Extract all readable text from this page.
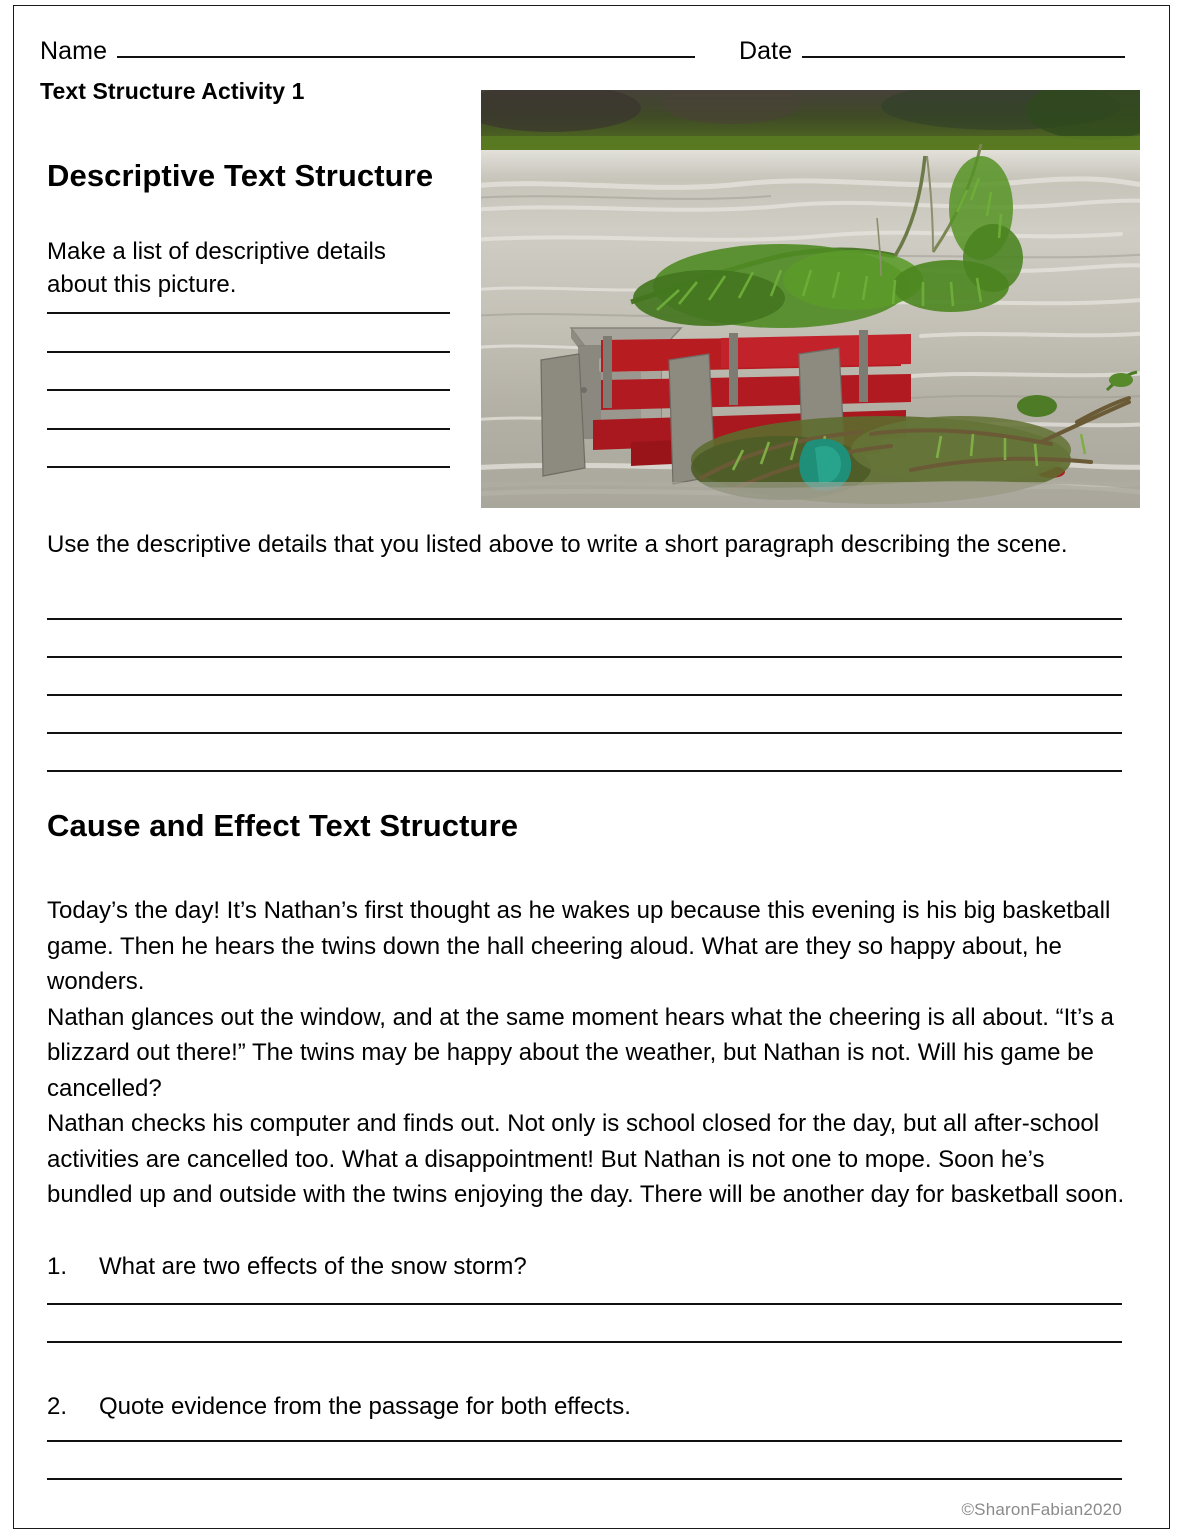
Name	Date
Text Structure Activity 1
Descriptive Text Structure
Make a list of descriptive details about this picture.
Use the descriptive details that you listed above to write a short paragraph describing the scene.
Cause and Effect Text Structure

Today’s the day! It’s Nathan’s first thought as he wakes up because this evening is his big basketball game. Then he hears the twins down the hall cheering aloud. What are they so happy about, he wonders.

Nathan glances out the window, and at the same moment hears what the cheering is all about. “It’s a blizzard out there!” The twins may be happy about the weather, but Nathan is not. Will his game be cancelled?

Nathan checks his computer and finds out. Not only is school closed for the day, but all after-school activities are cancelled too. What a disappointment! But Nathan is not one to mope. Soon he’s bundled up and outside with the twins enjoying the day. There will be another day for basketball soon.

1.	What are two effects of the snow storm?
2.	Quote evidence from the passage for both effects.
©SharonFabian2020
